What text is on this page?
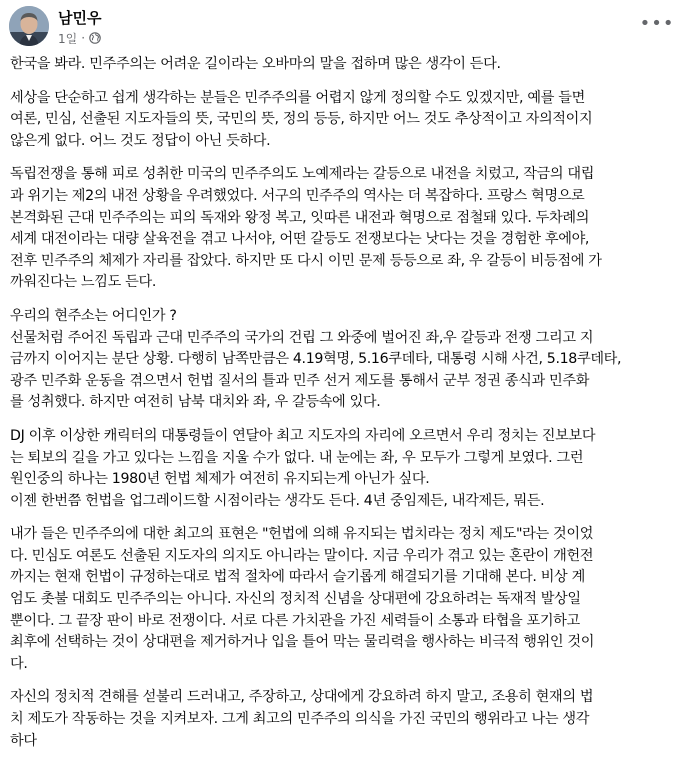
남민우
1일 ·
•••

한국을 봐라. 민주주의는 어려운 길이라는 오바마의 말을 접하며 많은 생각이 든다.

세상을 단순하고 쉽게 생각하는 분들은 민주주의를 어렵지 않게 정의할 수도 있겠지만, 예를 들면
여론, 민심, 선출된 지도자들의 뜻, 국민의 뜻, 정의 등등, 하지만 어느 것도 추상적이고 자의적이지
않은게 없다. 어느 것도 정답이 아닌 듯하다.

독립전쟁을 통해 피로 성취한 미국의 민주주의도 노예제라는 갈등으로 내전을 치렀고, 작금의 대립
과 위기는 제2의 내전 상황을 우려했었다. 서구의 민주주의 역사는 더 복잡하다. 프랑스 혁명으로
본격화된 근대 민주주의는 피의 독재와 왕정 복고, 잇따른 내전과 혁명으로 점철돼 있다. 두차례의
세계 대전이라는 대량 살육전을 겪고 나서야, 어떤 갈등도 전쟁보다는 낫다는 것을 경험한 후에야,
전후 민주주의 체제가 자리를 잡았다. 하지만 또 다시 이민 문제 등등으로 좌, 우 갈등이 비등점에 가
까워진다는 느낌도 든다.

우리의 현주소는 어디인가 ?
선물처럼 주어진 독립과 근대 민주주의 국가의 건립 그 와중에 벌어진 좌,우 갈등과 전쟁 그리고 지
금까지 이어지는 분단 상황. 다행히 남쪽만큼은 4.19혁명, 5.16쿠데타, 대통령 시해 사건, 5.18쿠데타,
광주 민주화 운동을 겪으면서 헌법 질서의 틀과 민주 선거 제도를 통해서 군부 정권 종식과 민주화
를 성취했다. 하지만 여전히 남북 대치와 좌, 우 갈등속에 있다.

DJ 이후 이상한 캐릭터의 대통령들이 연달아 최고 지도자의 자리에 오르면서 우리 정치는 진보보다
는 퇴보의 길을 가고 있다는 느낌을 지울 수가 없다. 내 눈에는 좌, 우 모두가 그렇게 보였다. 그런
원인중의 하나는 1980년 헌법 체제가 여전히 유지되는게 아닌가 싶다.
이젠 한번쯤 헌법을 업그레이드할 시점이라는 생각도 든다. 4년 중임제든, 내각제든, 뭐든.

내가 들은 민주주의에 대한 최고의 표현은 "헌법에 의해 유지되는 법치라는 정치 제도"라는 것이었
다. 민심도 여론도 선출된 지도자의 의지도 아니라는 말이다. 지금 우리가 겪고 있는 혼란이 개헌전
까지는 현재 헌법이 규정하는대로 법적 절차에 따라서 슬기롭게 해결되기를 기대해 본다. 비상 계
엄도 촛불 대회도 민주주의는 아니다. 자신의 정치적 신념을 상대편에 강요하려는 독재적 발상일
뿐이다. 그 끝장 판이 바로 전쟁이다. 서로 다른 가치관을 가진 세력들이 소통과 타협을 포기하고
최후에 선택하는 것이 상대편을 제거하거나 입을 틀어 막는 물리력을 행사하는 비극적 행위인 것이
다.

자신의 정치적 견해를 섣불리 드러내고, 주장하고, 상대에게 강요하려 하지 말고, 조용히 현재의 법
치 제도가 작동하는 것을 지켜보자. 그게 최고의 민주주의 의식을 가진 국민의 행위라고 나는 생각
하다
